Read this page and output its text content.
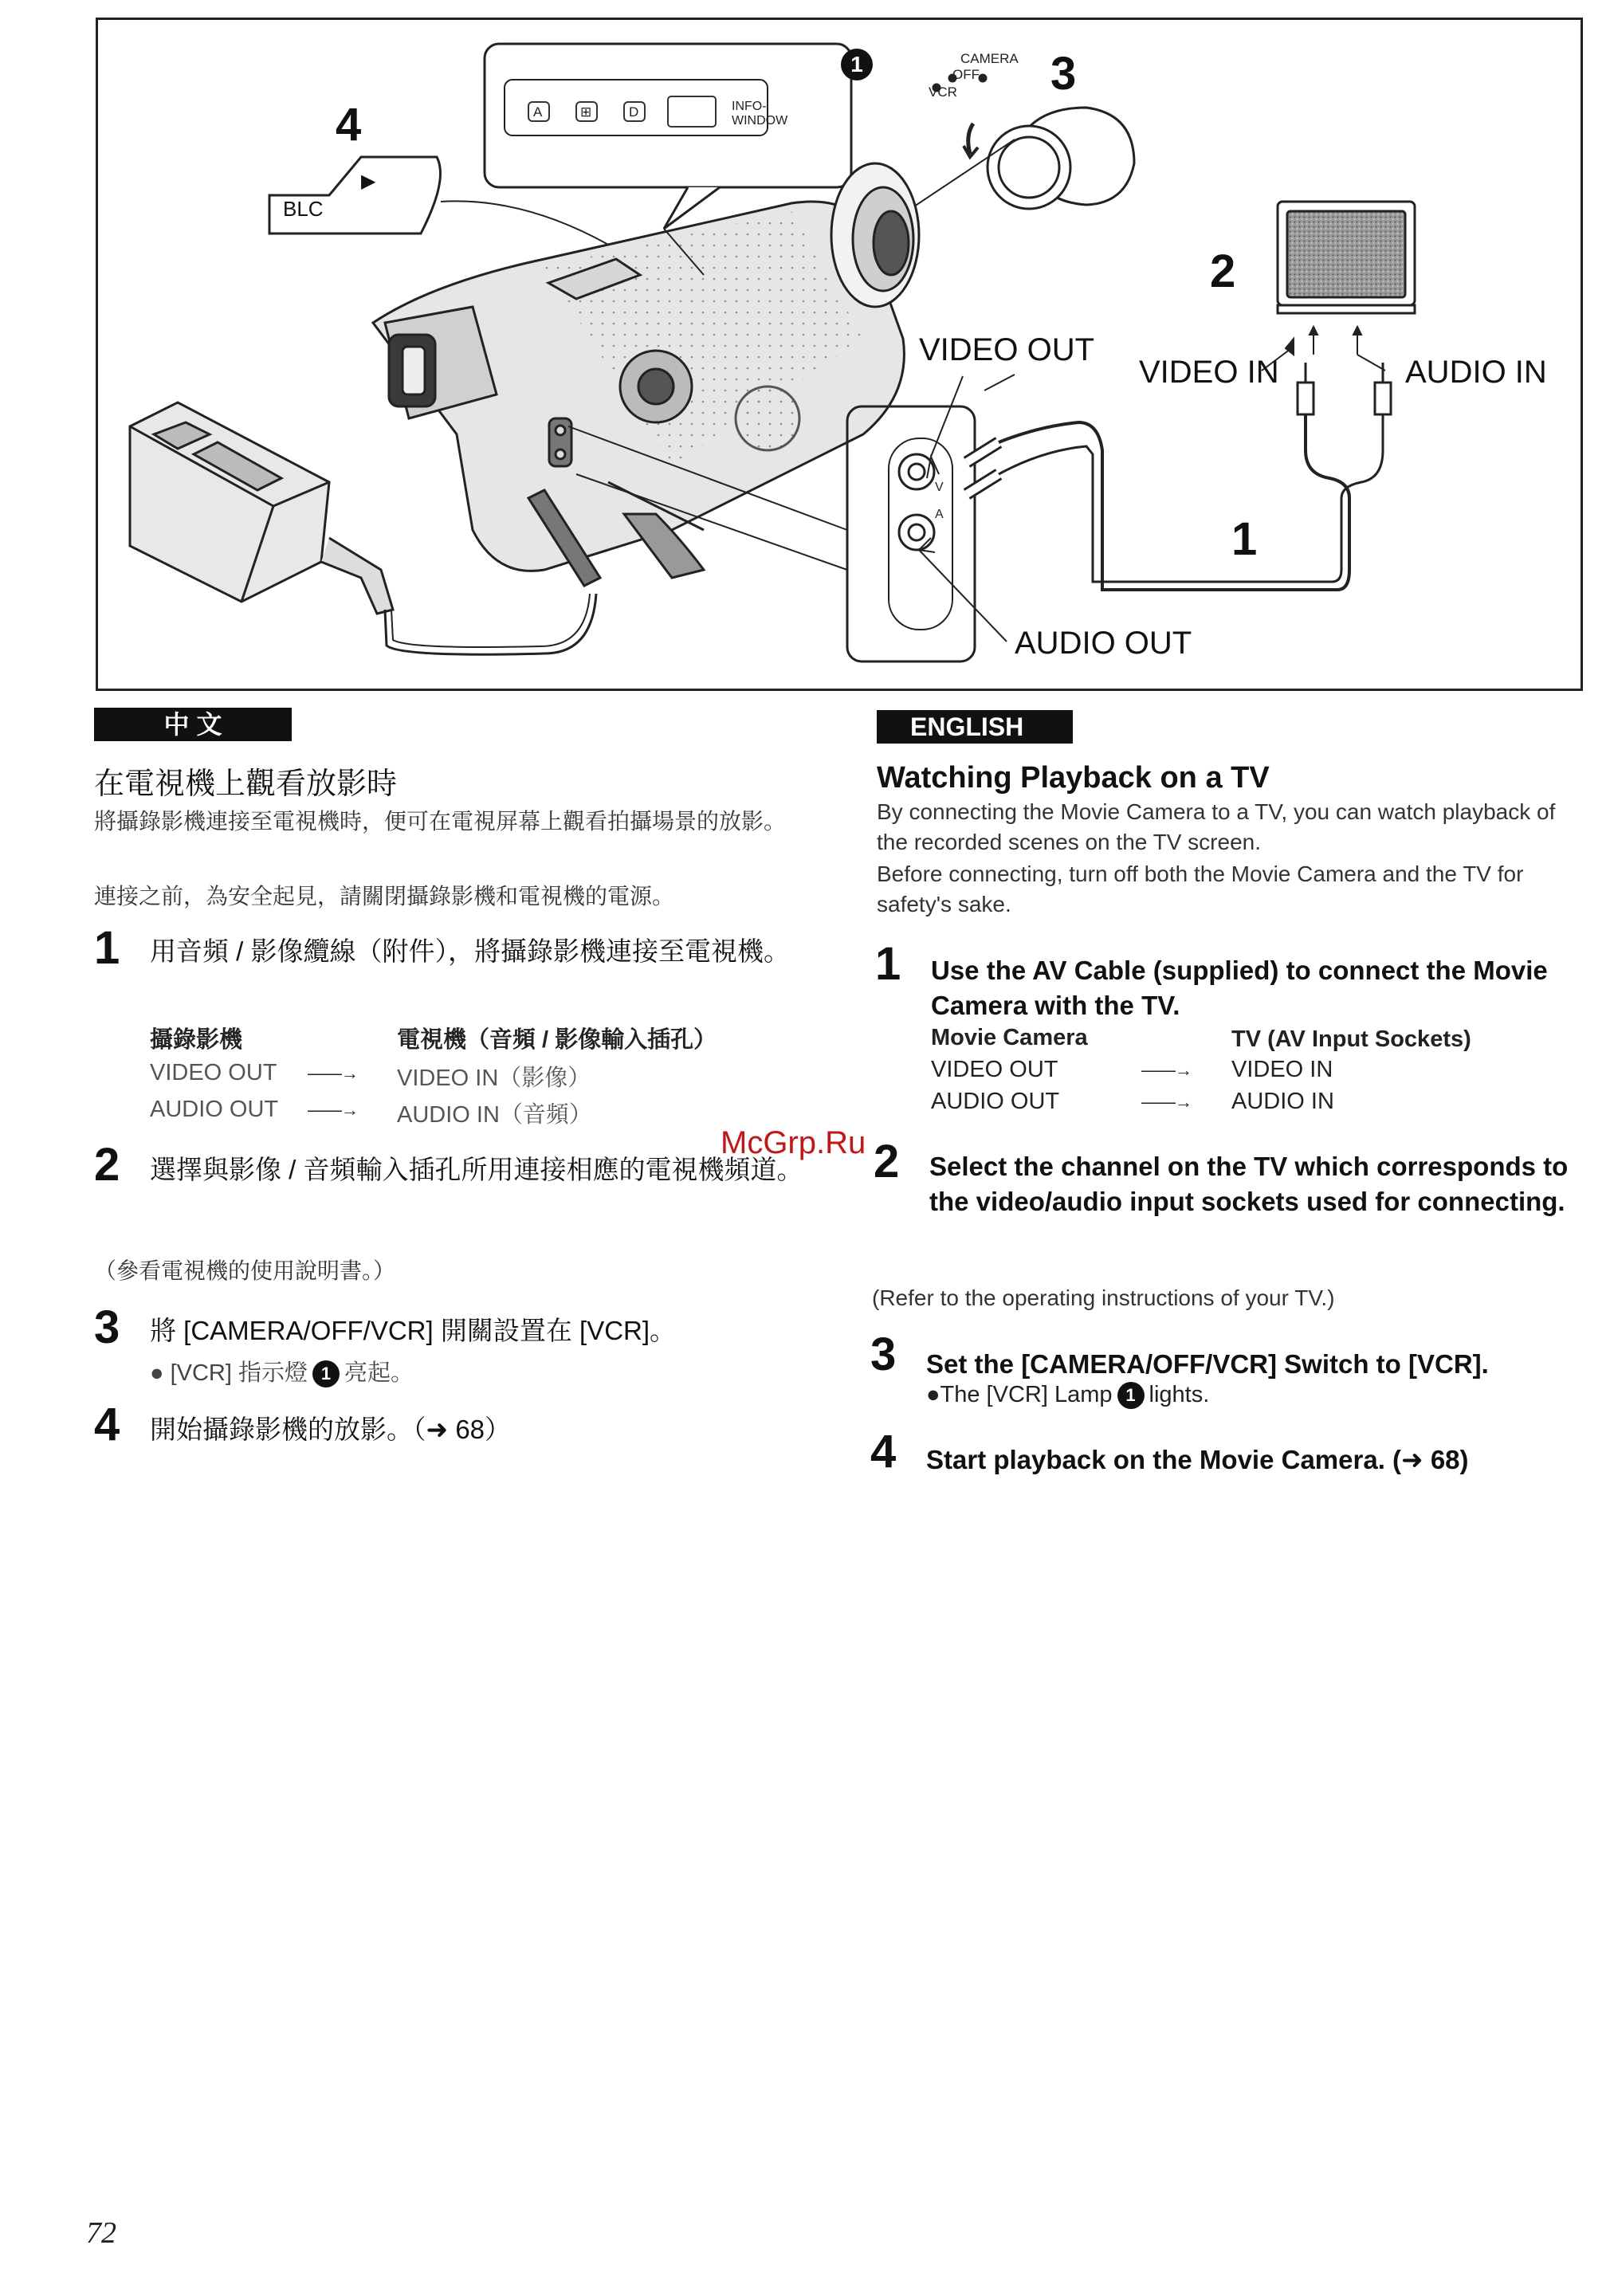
4
3
2
1
1
BLC
▶
CAMERA
OFF
VCR
INFO-
WINDOW
A	⊞	D
VIDEO OUT
AUDIO OUT
VIDEO IN	AUDIO IN
V
A
中 文
在電視機上觀看放影時
將攝錄影機連接至電視機時，便可在電視屏幕上觀看拍攝場景的放影。
連接之前，為安全起見，請關閉攝錄影機和電視機的電源。
1 用音頻 / 影像纜線（附件），將攝錄影機連接至電視機。
攝錄影機	電視機（音頻 / 影像輸入插孔）
VIDEO OUT ——→ VIDEO IN（影像）
AUDIO OUT ——→ AUDIO IN（音頻）
2 選擇與影像 / 音頻輸入插孔所用連接相應的電視機頻道。
（參看電視機的使用說明書。）
3 將 [CAMERA/OFF/VCR] 開關設置在 [VCR]。
● [VCR] 指示燈 1 亮起。
4 開始攝錄影機的放影。（➜ 68）
ENGLISH
Watching Playback on a TV
By connecting the Movie Camera to a TV, you can watch playback of the recorded scenes on the TV screen.
Before connecting, turn off both the Movie Camera and the TV for safety's sake.
1 Use the AV Cable (supplied) to connect the Movie Camera with the TV.
Movie Camera	TV (AV Input Sockets)
VIDEO OUT	——→ VIDEO IN
AUDIO OUT	——→ AUDIO IN
2 Select the channel on the TV which corresponds to the video/audio input sockets used for connecting.
(Refer to the operating instructions of your TV.)
3 Set the [CAMERA/OFF/VCR] Switch to [VCR].
●The [VCR] Lamp 1 lights.
4 Start playback on the Movie Camera. (➜ 68)
McGrp.Ru
72
